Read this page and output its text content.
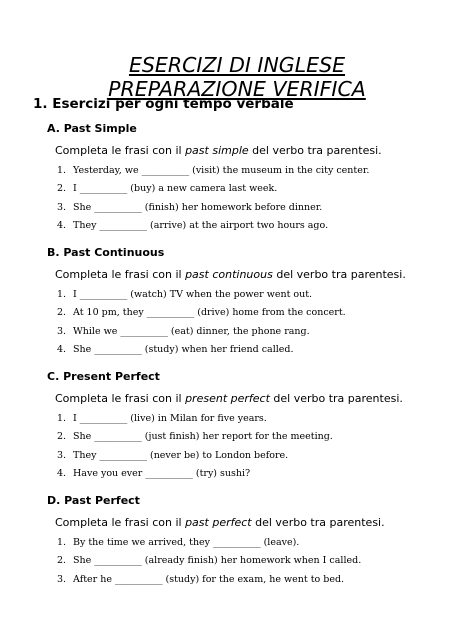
ESERCIZI DI INGLESE
PREPARAZIONE VERIFICA
1. Esercizi per ogni tempo verbale
A. Past Simple
Completa le frasi con il past simple del verbo tra parentesi.
1. Yesterday, we __________ (visit) the museum in the city center.
2. I __________ (buy) a new camera last week.
3. She __________ (finish) her homework before dinner.
4. They __________ (arrive) at the airport two hours ago.
B. Past Continuous
Completa le frasi con il past continuous del verbo tra parentesi.
1. I __________ (watch) TV when the power went out.
2. At 10 pm, they __________ (drive) home from the concert.
3. While we __________ (eat) dinner, the phone rang.
4. She __________ (study) when her friend called.
C. Present Perfect
Completa le frasi con il present perfect del verbo tra parentesi.
1. I __________ (live) in Milan for five years.
2. She __________ (just finish) her report for the meeting.
3. They __________ (never be) to London before.
4. Have you ever __________ (try) sushi?
D. Past Perfect
Completa le frasi con il past perfect del verbo tra parentesi.
1. By the time we arrived, they __________ (leave).
2. She __________ (already finish) her homework when I called.
3. After he __________ (study) for the exam, he went to bed.
